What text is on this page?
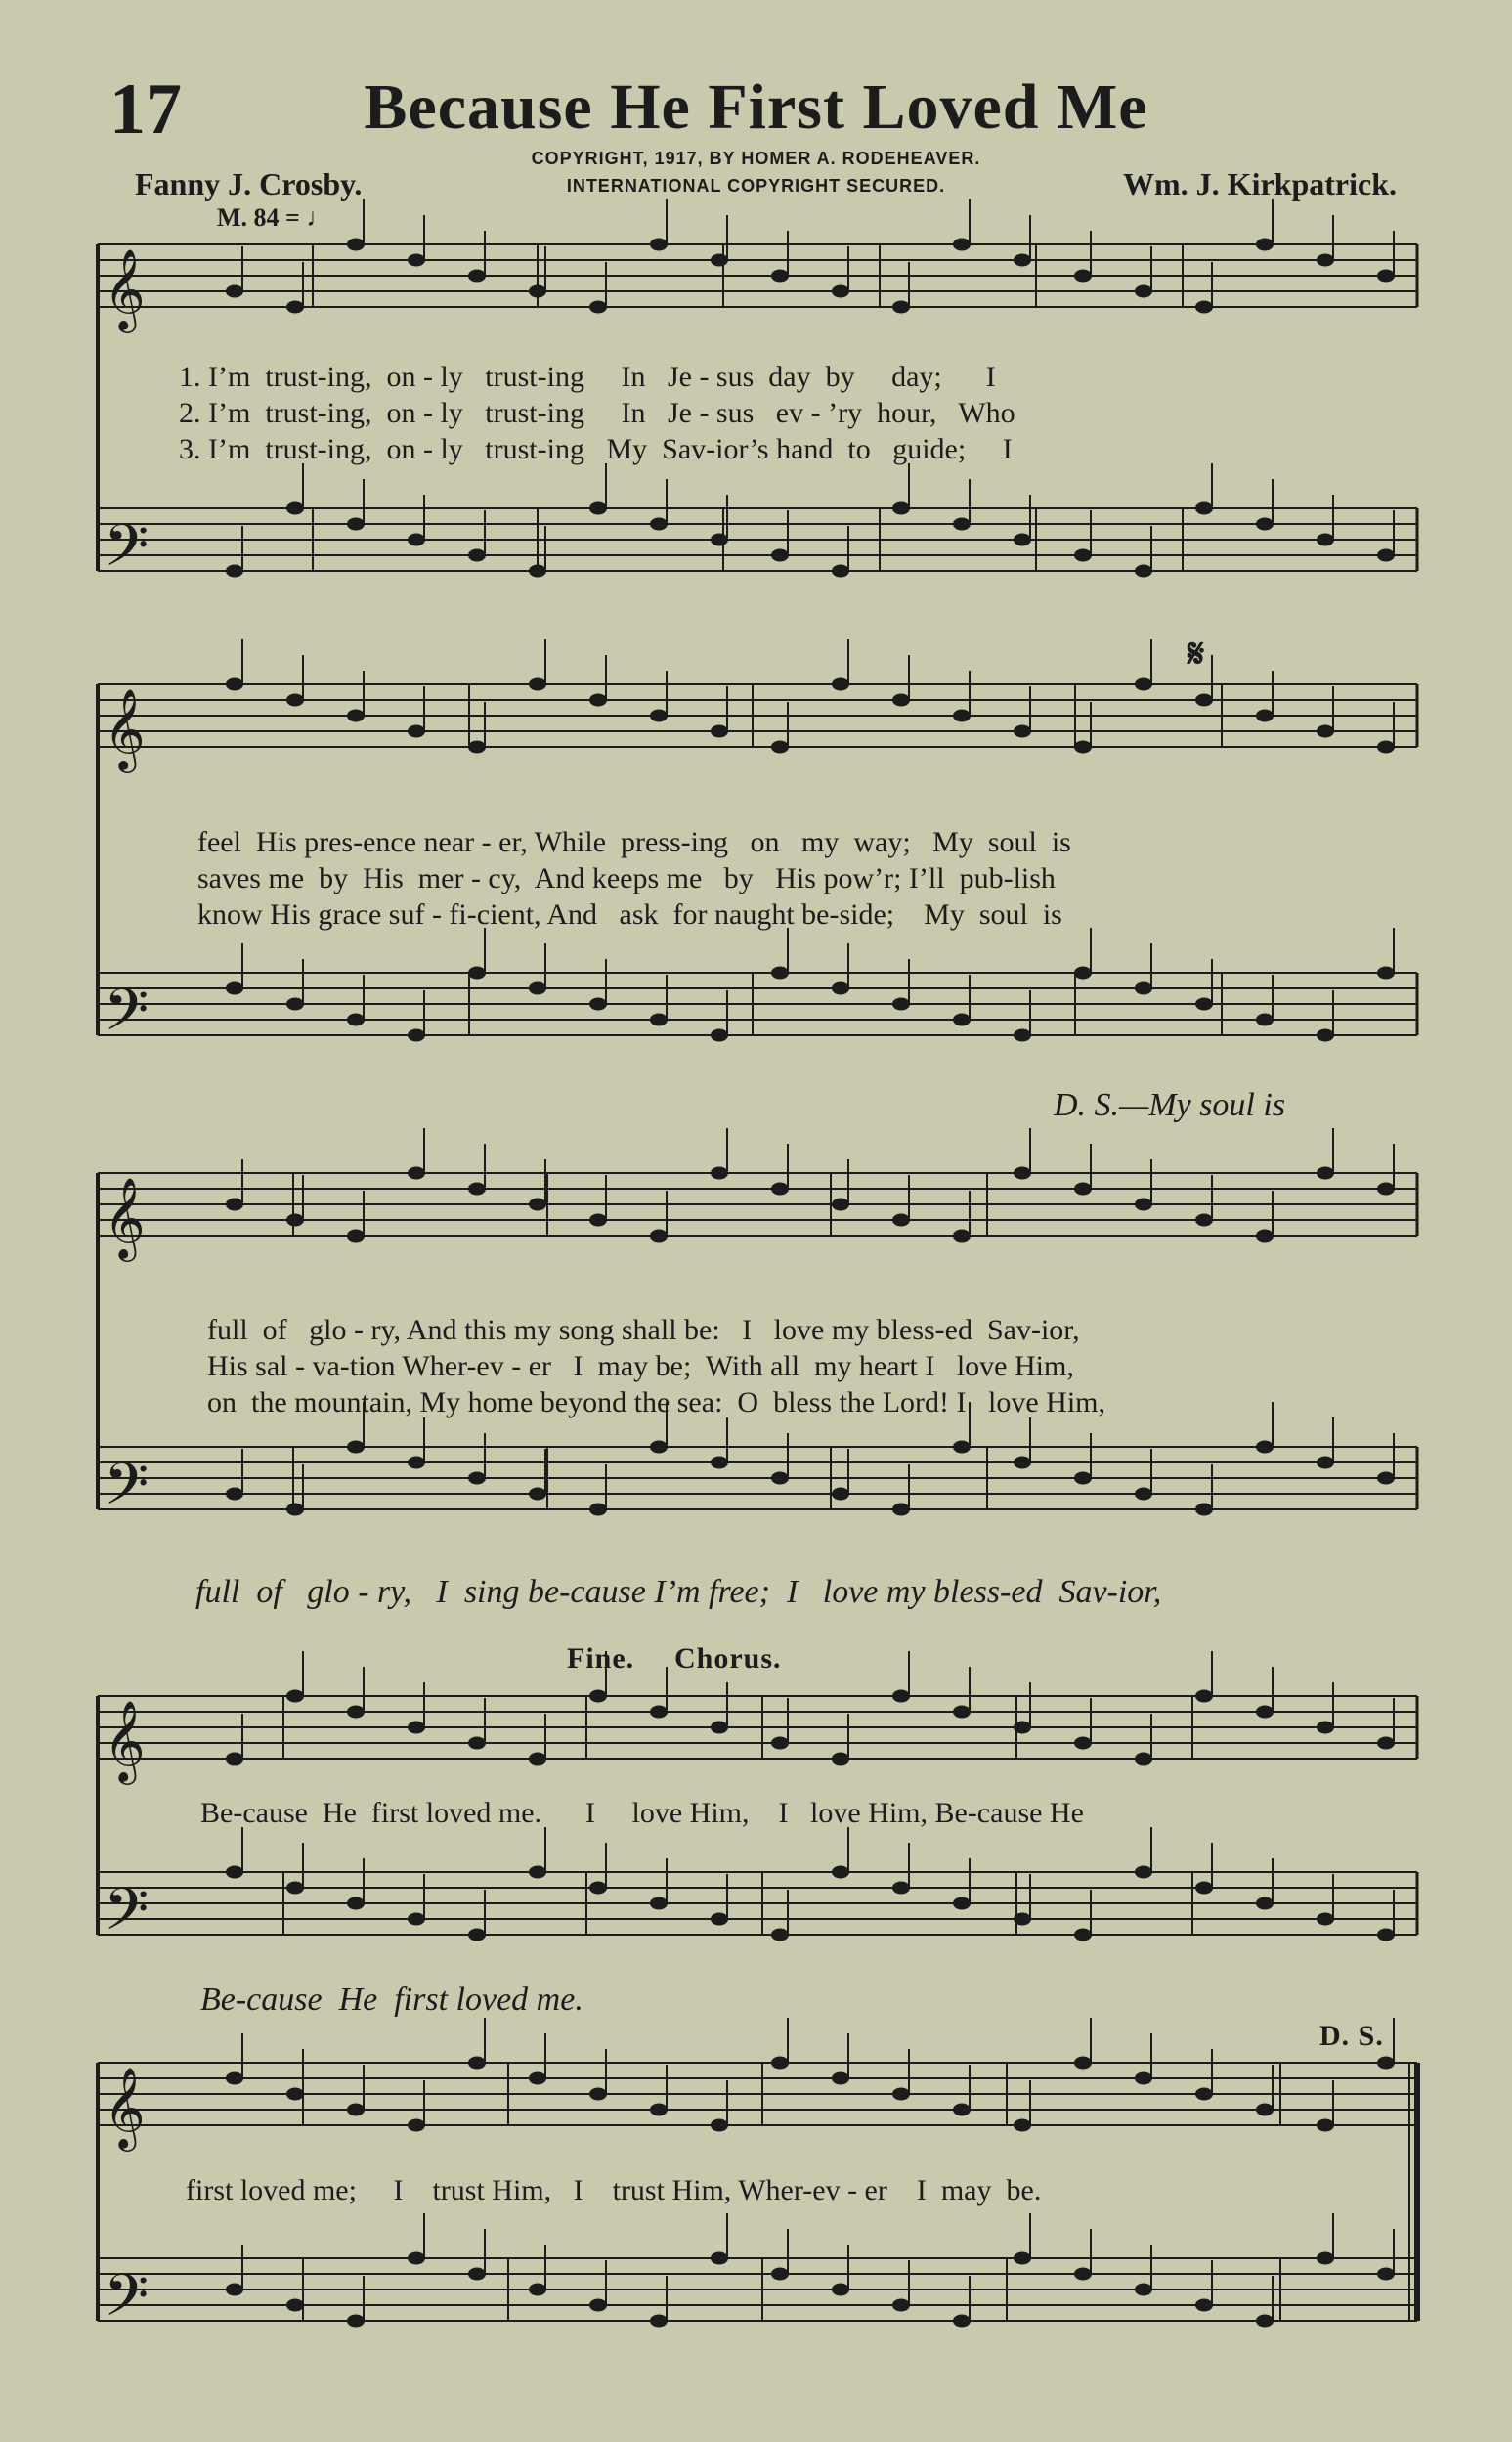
17	Because He First Loved Me
COPYRIGHT, 1917, BY HOMER A. RODEHEAVER.
INTERNATIONAL COPYRIGHT SECURED.
Fanny J. Crosby.	Wm. J. Kirkpatrick.
M. 84 = ♩
𝄋
𝄞
𝄢
𝄞
𝄢
𝄞
𝄢
𝄞
𝄢
𝄞
𝄢
1. I’m  trust-ing,  on - ly   trust-ing     In   Je - sus  day  by     day;      I
2. I’m  trust-ing,  on - ly   trust-ing     In   Je - sus   ev - ’ry  hour,   Who
3. I’m  trust-ing,  on - ly   trust-ing   My  Sav-ior’s hand  to   guide;     I
feel  His pres-ence near - er, While  press-ing   on   my  way;   My  soul  is
saves me  by  His  mer - cy,  And keeps me   by   His pow’r; I’ll  pub-lish
know His grace suf - fi-cient, And   ask  for naught be-side;    My  soul  is
D. S.—My soul is
full  of   glo - ry, And this my song shall be:   I   love my bless-ed  Sav-ior,
His sal - va-tion Wher-ev - er   I  may be;  With all  my heart I   love Him,
on  the mountain, My home beyond the sea:  O  bless the Lord! I   love Him,
full  of   glo - ry,   I  sing be-cause I’m free;  I   love my bless-ed  Sav-ior,
Fine. Chorus.
Be-cause  He  first loved me.      I     love Him,    I   love Him, Be-cause He
Be-cause  He  first loved me.
D. S.
first loved me;     I    trust Him,   I    trust Him, Wher-ev - er    I  may  be.
